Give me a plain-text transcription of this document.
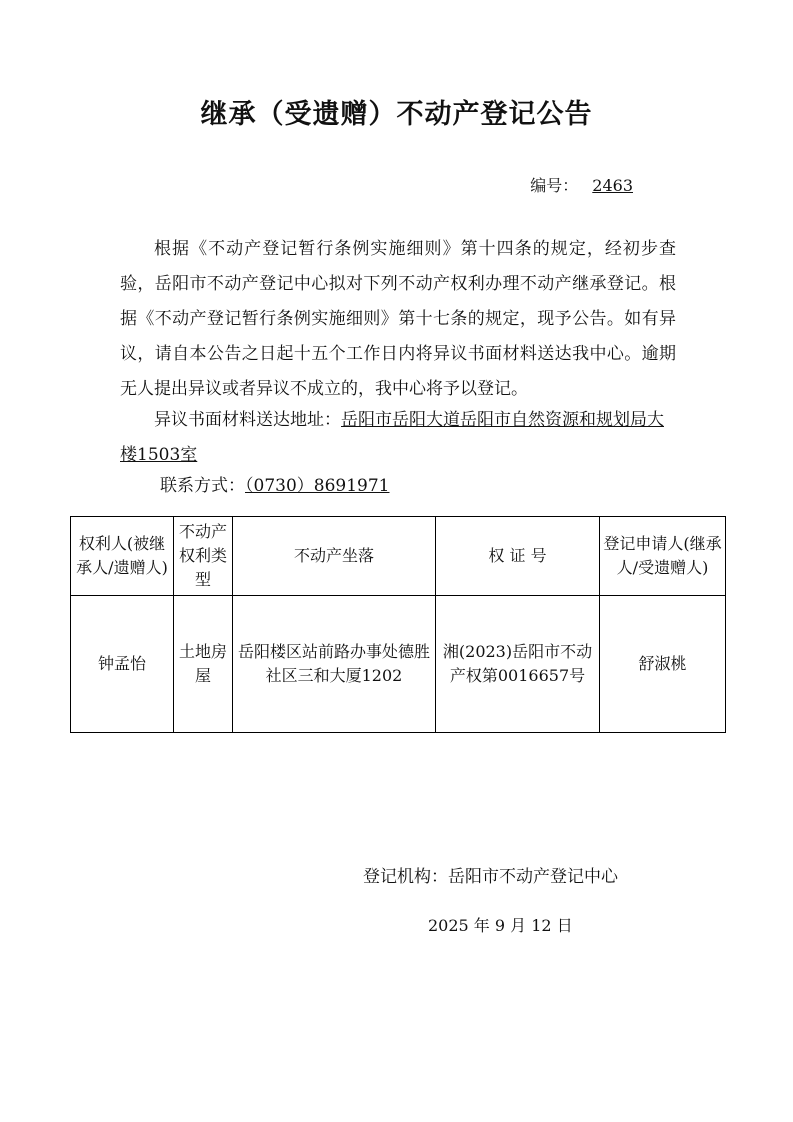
继承（受遗赠）不动产登记公告
编号： 2463
根据《不动产登记暂行条例实施细则》第十四条的规定，经初步查验，岳阳市不动产登记中心拟对下列不动产权利办理不动产继承登记。根据《不动产登记暂行条例实施细则》第十七条的规定，现予公告。如有异议，请自本公告之日起十五个工作日内将异议书面材料送达我中心。逾期无人提出异议或者异议不成立的，我中心将予以登记。
异议书面材料送达地址：岳阳市岳阳大道岳阳市自然资源和规划局大楼1503室
联系方式：（0730）8691971
权利人(被继承人/遗赠人)	不动产权利类型	不动产坐落	权 证 号	登记申请人(继承人/受遗赠人)
钟孟怡	土地房屋	岳阳楼区站前路办事处德胜社区三和大厦1202	湘(2023)岳阳市不动产权第0016657号	舒淑桃
登记机构：岳阳市不动产登记中心
2025 年 9 月 12 日
